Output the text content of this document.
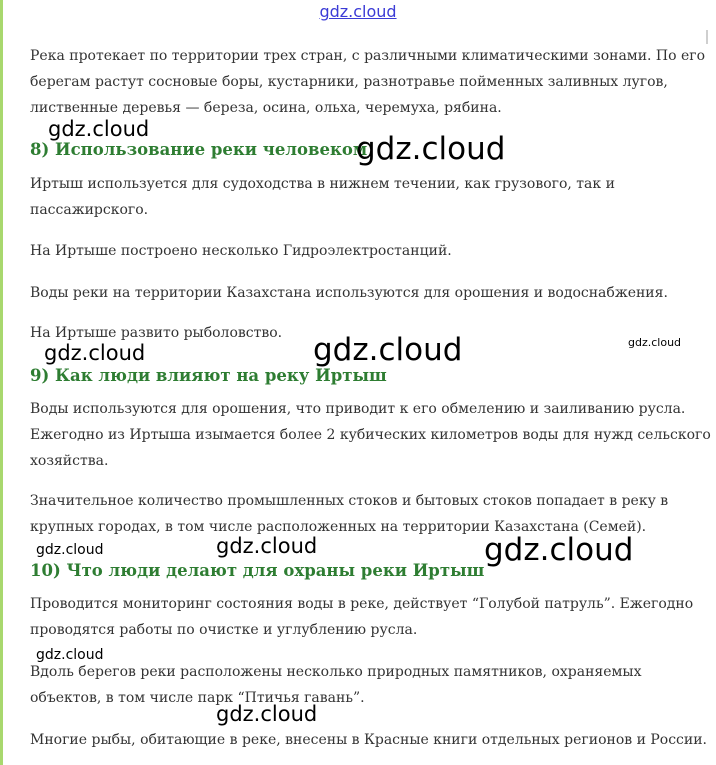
gdz.cloud
Река протекает по территории трех стран, с различными климатическими зонами. По его
берегам растут сосновые боры, кустарники, разнотравье пойменных заливных лугов,
лиственные деревья — береза, осина, ольха, черемуха, рябина.
8) Использование реки человеком
Иртыш используется для судоходства в нижнем течении, как грузового, так и
пассажирского.
На Иртыше построено несколько Гидроэлектростанций.
Воды реки на территории Казахстана используются для орошения и водоснабжения.
На Иртыше развито рыболовство.
9) Как люди влияют на реку Иртыш
Воды используются для орошения, что приводит к его обмелению и заиливанию русла.
Ежегодно из Иртыша изымается более 2 кубических километров воды для нужд сельского
хозяйства.
Значительное количество промышленных стоков и бытовых стоков попадает в реку в
крупных городах, в том числе расположенных на территории Казахстана (Семей).
10) Что люди делают для охраны реки Иртыш
Проводится мониторинг состояния воды в реке, действует “Голубой патруль”. Ежегодно
проводятся работы по очистке и углублению русла.
Вдоль берегов реки расположены несколько природных памятников, охраняемых
объектов, в том числе парк “Птичья гавань”.
Многие рыбы, обитающие в реке, внесены в Красные книги отдельных регионов и России.
gdz.cloud
gdz.cloud
gdz.cloud	gdz.cloud	gdz.cloud
gdz.cloud	gdz.cloud	gdz.cloud
gdz.cloud
gdz.cloud
